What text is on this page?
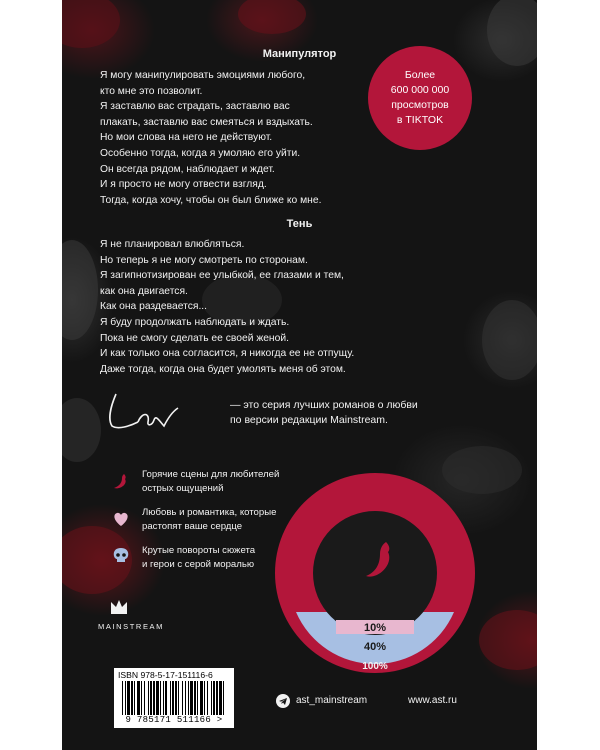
Манипулятор
Я могу манипулировать эмоциями любого,
кто мне это позволит.
Я заставлю вас страдать, заставлю вас
плакать, заставлю вас смеяться и вздыхать.
Но мои слова на него не действуют.
Особенно тогда, когда я умоляю его уйти.
Он всегда рядом, наблюдает и ждет.
И я просто не могу отвести взгляд.
Тогда, когда хочу, чтобы он был ближе ко мне.
Более
600 000 000
просмотров
в TIKTOK
Тень
Я не планировал влюбляться.
Но теперь я не могу смотреть по сторонам.
Я загипнотизирован ее улыбкой, ее глазами и тем,
как она двигается.
Как она раздевается...
Я буду продолжать наблюдать и ждать.
Пока не смогу сделать ее своей женой.
И как только она согласится, я никогда ее не отпущу.
Даже тогда, когда она будет умолять меня об этом.
— это серия лучших романов о любви
по версии редакции Mainstream.
Горячие сцены для любителей
острых ощущений
Любовь и романтика, которые
растопят ваше сердце
Крутые повороты сюжета
и герои с серой моралью
10%
40%
100%
MAINSTREAM
ISBN 978-5-17-151116-6
9 785171 511166 >
ast_mainstream	www.ast.ru
